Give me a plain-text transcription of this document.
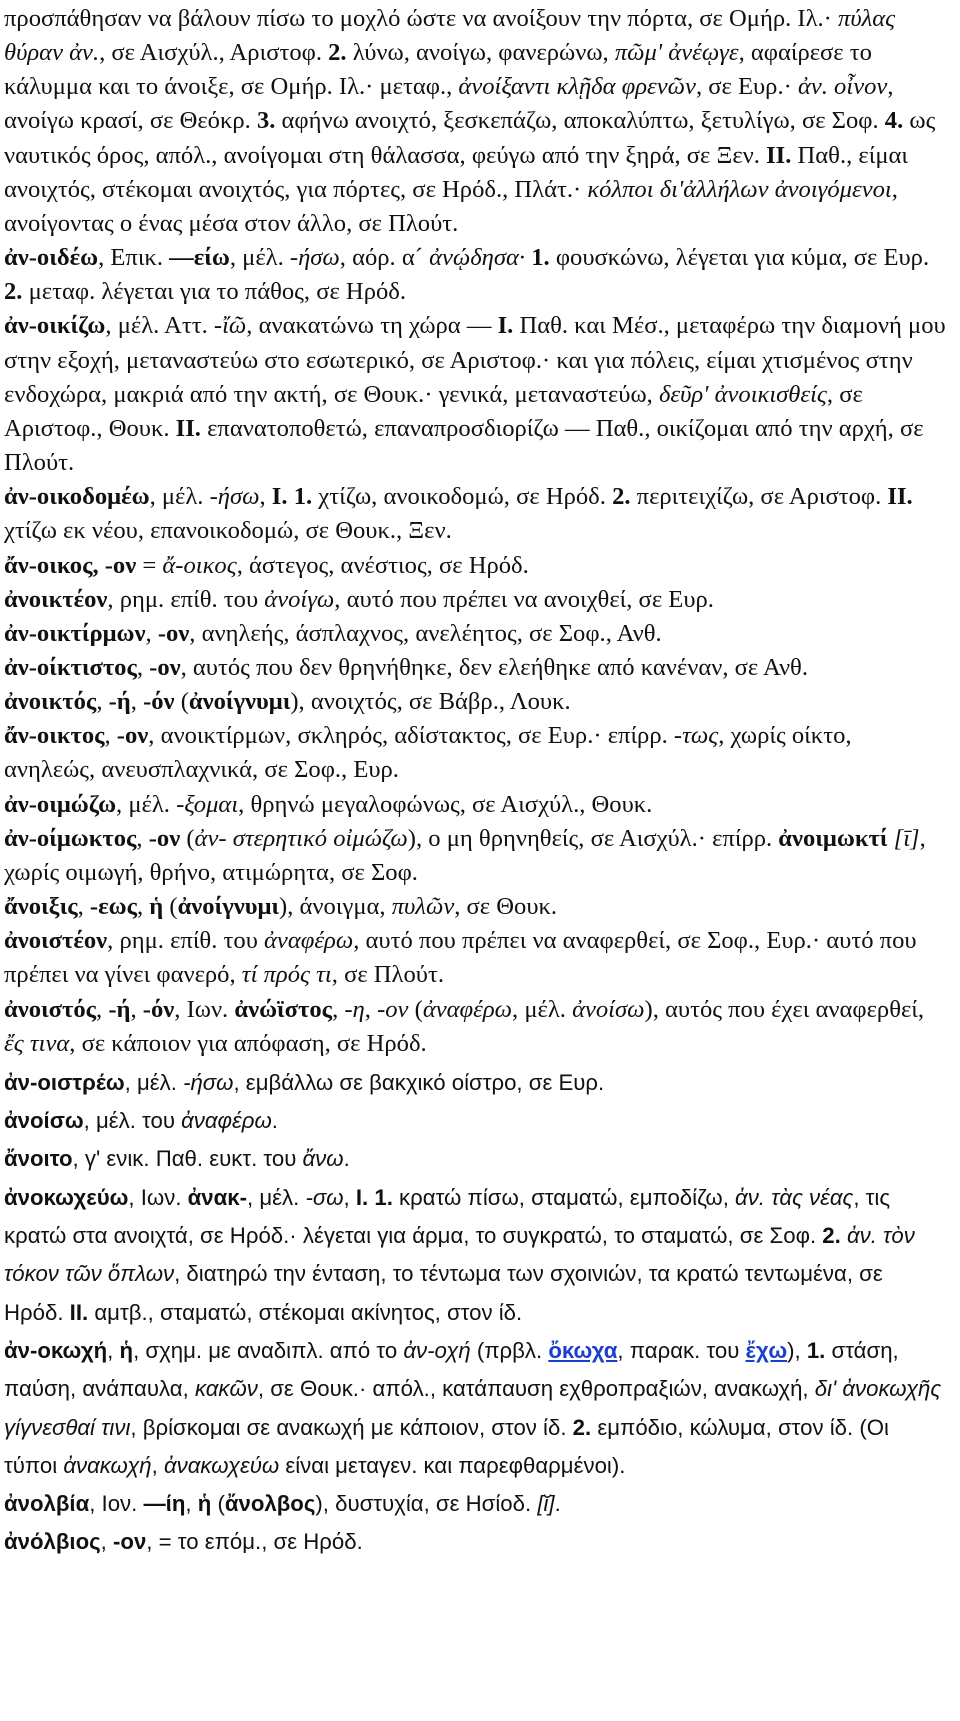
προσπάθησαν να βάλουν πίσω το μοχλό ώστε να ανοίξουν την πόρτα, σε Ομήρ. Ιλ.· πύλας θύραν ἀν., σε Αισχύλ., Αριστοφ. 2. λύνω, ανοίγω, φανερώνω, πῶμ' ἀνέῳγε, αφαίρεσε το κάλυμμα και το άνοιξε, σε Ομήρ. Ιλ.· μεταφ., ἀνοίξαντι κλῇδα φρενῶν, σε Ευρ.· ἀν. οἶνον, ανοίγω κρασί, σε Θεόκρ. 3. αφήνω ανοιχτό, ξεσκεπάζω, αποκαλύπτω, ξετυλίγω, σε Σοφ. 4. ως ναυτικός όρος, απόλ., ανοίγομαι στη θάλασσα, φεύγω από την ξηρά, σε Ξεν. II. Παθ., είμαι ανοιχτός, στέκομαι ανοιχτός, για πόρτες, σε Ηρόδ., Πλάτ.· κόλποι δι'ἀλλήλων ἀνοιγόμενοι, ανοίγοντας ο ένας μέσα στον άλλο, σε Πλούτ.

ἀν-οιδέω, Επικ. —είω, μέλ. -ήσω, αόρ. α´ ἀνῴδησα· 1. φουσκώνω, λέγεται για κύμα, σε Ευρ. 2. μεταφ. λέγεται για το πάθος, σε Ηρόδ.

ἀν-οικίζω, μέλ. Αττ. -ἴῶ, ανακατώνω τη χώρα — I. Παθ. και Μέσ., μεταφέρω την διαμονή μου στην εξοχή, μεταναστεύω στο εσωτερικό, σε Αριστοφ.· και για πόλεις, είμαι χτισμένος στην ενδοχώρα, μακριά από την ακτή, σε Θουκ.· γενικά, μεταναστεύω, δεῦρ' ἀνοικισθείς, σε Αριστοφ., Θουκ. II. επανατοποθετώ, επαναπροσδιορίζω — Παθ., οικίζομαι από την αρχή, σε Πλούτ.

ἀν-οικοδομέω, μέλ. -ήσω, I. 1. χτίζω, ανοικοδομώ, σε Ηρόδ. 2. περιτειχίζω, σε Αριστοφ. II. χτίζω εκ νέου, επανοικοδομώ, σε Θουκ., Ξεν.

ἄν-οικος, -ον = ἄ-οικος, άστεγος, ανέστιος, σε Ηρόδ.

ἀνοικτέον, ρημ. επίθ. του ἀνοίγω, αυτό που πρέπει να ανοιχθεί, σε Ευρ.

ἀν-οικτίρμων, -ον, ανηλεής, άσπλαχνος, ανελέητος, σε Σοφ., Ανθ.

ἀν-οίκτιστος, -ον, αυτός που δεν θρηνήθηκε, δεν ελεήθηκε από κανέναν, σε Ανθ.

ἀνοικτός, -ή, -όν (ἀνοίγνυμι), ανοιχτός, σε Βάβρ., Λουκ.

ἄν-οικτος, -ον, ανοικτίρμων, σκληρός, αδίστακτος, σε Ευρ.· επίρρ. -τως, χωρίς οίκτο, ανηλεώς, ανευσπλαχνικά, σε Σοφ., Ευρ.

ἀν-οιμώζω, μέλ. -ξομαι, θρηνώ μεγαλοφώνως, σε Αισχύλ., Θουκ.

ἀν-οίμωκτος, -ον (ἀν- στερητικό οἰμώζω), ο μη θρηνηθείς, σε Αισχύλ.· επίρρ. ἀνοιμωκτί [ῑ], χωρίς οιμωγή, θρήνο, ατιμώρητα, σε Σοφ.

ἄνοιξις, -εως, ἡ (ἀνοίγνυμι), άνοιγμα, πυλῶν, σε Θουκ.

ἀνοιστέον, ρημ. επίθ. του ἀναφέρω, αυτό που πρέπει να αναφερθεί, σε Σοφ., Ευρ.· αυτό που πρέπει να γίνει φανερό, τί πρός τι, σε Πλούτ.

ἀνοιστός, -ή, -όν, Ιων. ἀνώϊστος, -η, -ον (ἀναφέρω, μέλ. ἀνοίσω), αυτός που έχει αναφερθεί, ἔς τινα, σε κάποιον για απόφαση, σε Ηρόδ.

ἀν-οιστρέω, μέλ. -ήσω, εμβάλλω σε βακχικό οίστρο, σε Ευρ.

ἀνοίσω, μέλ. του ἀναφέρω.

ἄνοιτο, γ' ενικ. Παθ. ευκτ. του ἄνω.

ἀνοκωχεύω, Ιων. ἀνακ-, μέλ. -σω, I. 1. κρατώ πίσω, σταματώ, εμποδίζω, ἀν. τὰς νέας, τις κρατώ στα ανοιχτά, σε Ηρόδ.· λέγεται για άρμα, το συγκρατώ, το σταματώ, σε Σοφ. 2. ἀν. τὸν τόκον τῶν ὅπλων, διατηρώ την ένταση, το τέντωμα των σχοινιών, τα κρατώ τεντωμένα, σε Ηρόδ. II. αμτβ., σταματώ, στέκομαι ακίνητος, στον ίδ.

ἀν-οκωχή, ἡ, σχημ. με αναδιπλ. από το ἀν-οχή (πρβλ. ὄκωχα, παρακ. του ἔχω), 1. στάση, παύση, ανάπαυλα, κακῶν, σε Θουκ.· απόλ., κατάπαυση εχθροπραξιών, ανακωχή, δι' ἀνοκωχῆς γίγνεσθαί τινι, βρίσκομαι σε ανακωχή με κάποιον, στον ίδ. 2. εμπόδιο, κώλυμα, στον ίδ. (Οι τύποι ἀνακωχή, ἀνακωχεύω είναι μεταγεν. και παρεφθαρμένοι).

ἀνολβία, Ιον. —ίη, ἡ (ἄνολβος), δυστυχία, σε Ησίοδ. [ῐ].

ἀνόλβιος, -ον, = το επόμ., σε Ηρόδ.
